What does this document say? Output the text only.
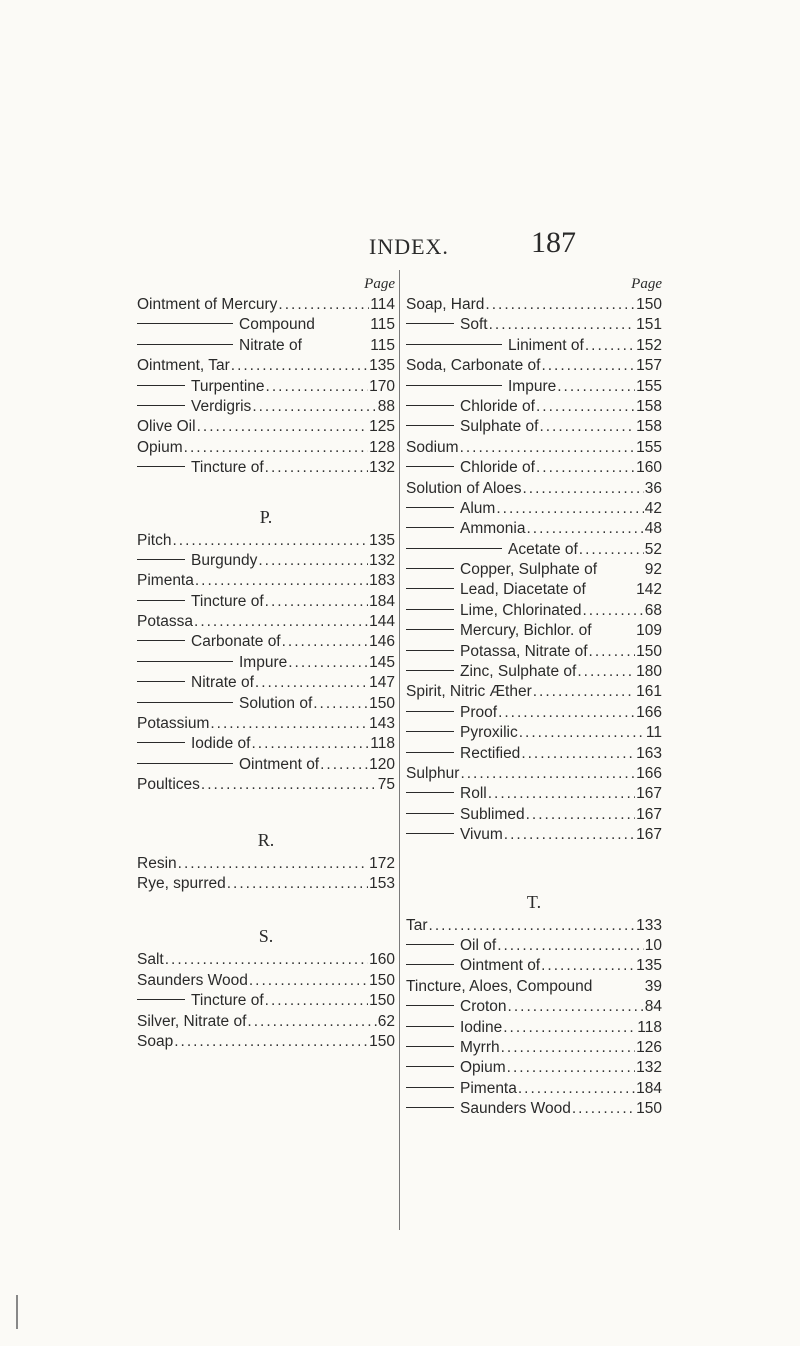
INDEX.	187
Page
Ointment of Mercury .....	114
Compound	115
Nitrate of	115
Ointment, Tar .....	135
Turpentine .....	170
Verdigris .....	88
Olive Oil .....	125
Opium .....	128
Tincture of .....	132
P.
Pitch .....	135
Burgundy .....	132
Pimenta .....	183
Tincture of .....	184
Potassa .....	144
Carbonate of .....	146
Impure .....	145
Nitrate of .....	147
Solution of .....	150
Potassium .....	143
Iodide of .....	118
Ointment of .....	120
Poultices .....	75
R.
Resin .....	172
Rye, spurred .....	153
S.
Salt .....	160
Saunders Wood .....	150
Tincture of .....	150
Silver, Nitrate of .....	62
Soap .....	150
Page
Soap, Hard .....	150
Soft .....	151
Liniment of .....	152
Soda, Carbonate of .....	157
Impure .....	155
Chloride of .....	158
Sulphate of .....	158
Sodium .....	155
Chloride of .....	160
Solution of Aloes .....	36
Alum .....	42
Ammonia .....	48
Acetate of .....	52
Copper, Sulphate of	92
Lead, Diacetate of	142
Lime, Chlorinated .....	68
Mercury, Bichlor. of	109
Potassa, Nitrate of .....	150
Zinc, Sulphate of .....	180
Spirit, Nitric Æther .....	161
Proof .....	166
Pyroxilic .....	11
Rectified .....	163
Sulphur .....	166
Roll .....	167
Sublimed .....	167
Vivum .....	167
T.
Tar .....	133
Oil of .....	10
Ointment of .....	135
Tincture, Aloes, Compound	39
Croton .....	84
Iodine .....	118
Myrrh .....	126
Opium .....	132
Pimenta .....	184
Saunders Wood .....	150
